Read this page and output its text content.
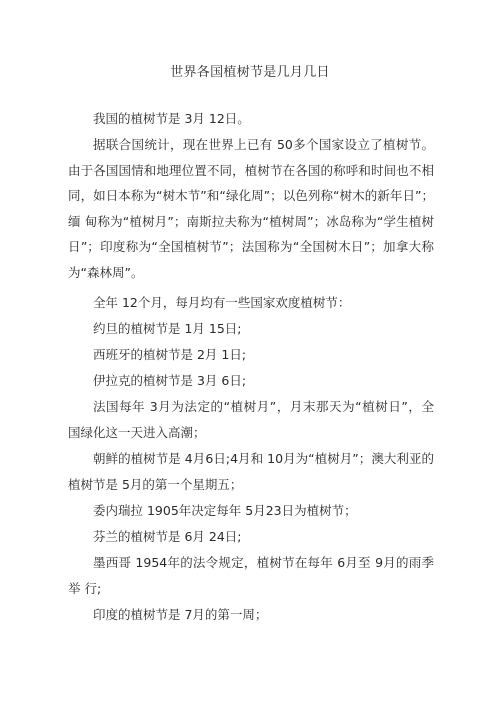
世界各国植树节是几月几日

我国的植树节是 3月 12日。

据联合国统计，现在世界上已有 50多个国家设立了植树节。由于各国国情和地理位置不同，植树节在各国的称呼和时间也不相同，如日本称为“树木节”和“绿化周”；以色列称“树木的新年日”；缅 甸称为“植树月”；南斯拉夫称为“植树周”；冰岛称为“学生植树 日”；印度称为“全国植树节”；法国称为“全国树木日”；加拿大称 为“森林周”。

全年 12个月，每月均有一些国家欢度植树节：

约旦的植树节是 1月 15日;

西班牙的植树节是 2月 1日;

伊拉克的植树节是 3月 6日;

法国每年 3月为法定的“植树月”，月末那天为“植树日”，全 国绿化这一天进入高潮；

朝鲜的植树节是 4月6日;4月和 10月为“植树月”；澳大利亚的植树节是 5月的第一个星期五；

委内瑞拉 1905年决定每年 5月23日为植树节；

芬兰的植树节是 6月 24日;

墨西哥 1954年的法令规定，植树节在每年 6月至 9月的雨季举 行;

印度的植树节是 7月的第一周；
